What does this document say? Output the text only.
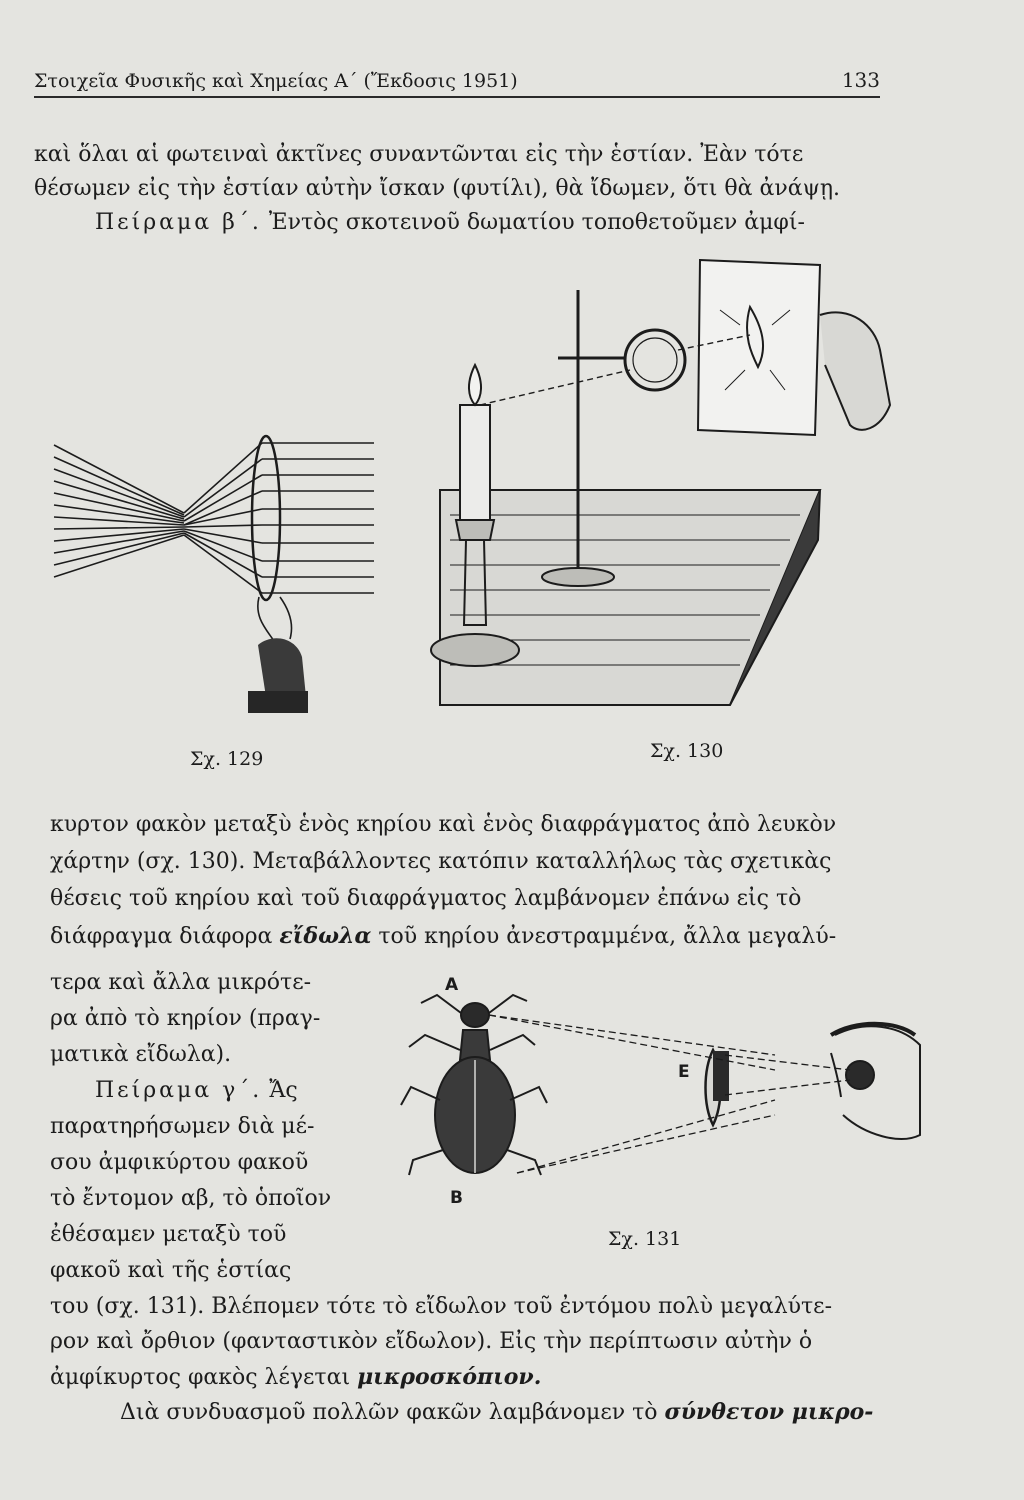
Στοιχεῖα Φυσικῆς καὶ Χημείας Α΄ (Ἔκδοσις 1951)	133
καὶ ὅλαι αἱ φωτειναὶ ἀκτῖνες συναντῶνται εἰς τὴν ἑστίαν. Ἐὰν τότε
θέσωμεν εἰς τὴν ἑστίαν αὐτὴν ἴσκαν (φυτίλι), θὰ ἴδωμεν, ὅτι θὰ ἀνάψῃ.
Πείραμα β΄. Ἐντὸς σκοτεινοῦ δωματίου τοποθετοῦμεν ἀμφί-
Σχ. 129	Σχ. 130
κυρτον φακὸν μεταξὺ ἑνὸς κηρίου καὶ ἑνὸς διαφράγματος ἀπὸ λευκὸν
χάρτην (σχ. 130). Μεταβάλλοντες κατόπιν καταλλήλως τὰς σχετικὰς
θέσεις τοῦ κηρίου καὶ τοῦ διαφράγματος λαμβάνομεν ἐπάνω εἰς τὸ
διάφραγμα διάφορα εἴδωλα τοῦ κηρίου ἀνεστραμμένα, ἄλλα μεγαλύ-
τερα καὶ ἄλλα μικρότε-
ρα ἀπὸ τὸ κηρίον (πραγ-
ματικὰ εἴδωλα).
Πείραμα γ΄. Ἄς
παρατηρήσωμεν διὰ μέ-
σου ἀμφικύρτου φακοῦ
τὸ ἔντομον αβ, τὸ ὁποῖον
ἐθέσαμεν μεταξὺ τοῦ
φακοῦ καὶ τῆς ἑστίας
A
B
E
Σχ. 131
του (σχ. 131). Βλέπομεν τότε τὸ εἴδωλον τοῦ ἐντόμου πολὺ μεγαλύτε-
ρον καὶ ὄρθιον (φανταστικὸν εἴδωλον). Εἰς τὴν περίπτωσιν αὐτὴν ὁ
ἀμφίκυρτος φακὸς λέγεται μικροσκόπιον.
Διὰ συνδυασμοῦ πολλῶν φακῶν λαμβάνομεν τὸ σύνθετον μικρο-
